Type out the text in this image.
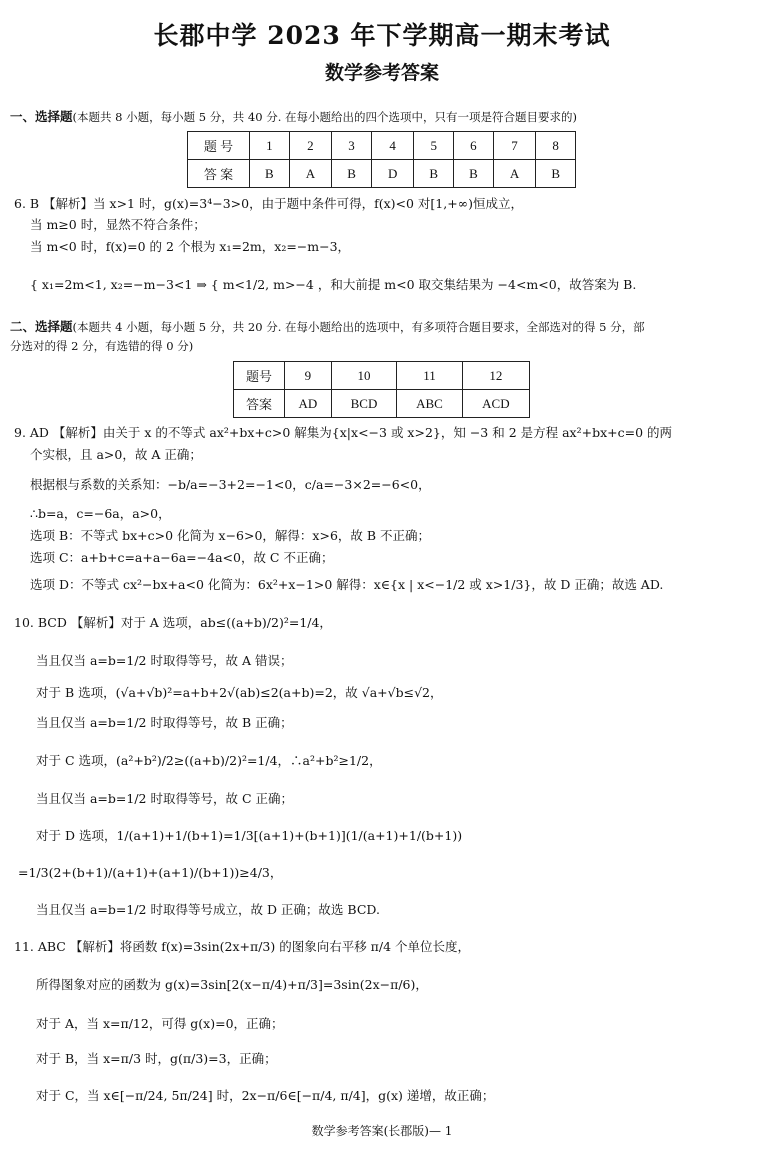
长郡中学 2023 年下学期高一期末考试
数学参考答案
一、选择题(本题共 8 小题，每小题 5 分，共 40 分. 在每小题给出的四个选项中，只有一项是符合题目要求的)
题 号	1	2	3	4	5	6	7	8
答 案	B	A	B	D	B	B	A	B
6. B 【解析】当 x>1 时，g(x)=3⁴−3>0，由于题中条件可得，f(x)<0 对[1,+∞)恒成立，
当 m≥0 时，显然不符合条件；
当 m<0 时，f(x)=0 的 2 个根为 x₁=2m，x₂=−m−3，
{ x₁=2m<1, x₂=−m−3<1 ⇒ { m<1/2, m>−4 ，和大前提 m<0 取交集结果为 −4<m<0，故答案为 B.
二、选择题(本题共 4 小题，每小题 5 分，共 20 分. 在每小题给出的选项中，有多项符合题目要求，全部选对的得 5 分，部
分选对的得 2 分，有选错的得 0 分)
题号	9	10	11	12
答案	AD	BCD	ABC	ACD
9. AD 【解析】由关于 x 的不等式 ax²+bx+c>0 解集为{x|x<−3 或 x>2}，知 −3 和 2 是方程 ax²+bx+c=0 的两
个实根，且 a>0，故 A 正确；
根据根与系数的关系知：−b/a=−3+2=−1<0，c/a=−3×2=−6<0，
∴b=a，c=−6a，a>0，
选项 B：不等式 bx+c>0 化简为 x−6>0，解得：x>6，故 B 不正确；
选项 C：a+b+c=a+a−6a=−4a<0，故 C 不正确；
选项 D：不等式 cx²−bx+a<0 化简为：6x²+x−1>0 解得：x∈{x | x<−1/2 或 x>1/3}，故 D 正确；故选 AD.
10. BCD 【解析】对于 A 选项，ab≤((a+b)/2)²=1/4，
当且仅当 a=b=1/2 时取得等号，故 A 错误；
对于 B 选项，(√a+√b)²=a+b+2√(ab)≤2(a+b)=2，故 √a+√b≤√2，
当且仅当 a=b=1/2 时取得等号，故 B 正确；
对于 C 选项，(a²+b²)/2≥((a+b)/2)²=1/4，∴a²+b²≥1/2，
当且仅当 a=b=1/2 时取得等号，故 C 正确；
对于 D 选项，1/(a+1)+1/(b+1)=1/3[(a+1)+(b+1)](1/(a+1)+1/(b+1))
=1/3(2+(b+1)/(a+1)+(a+1)/(b+1))≥4/3，
当且仅当 a=b=1/2 时取得等号成立，故 D 正确；故选 BCD.
11. ABC 【解析】将函数 f(x)=3sin(2x+π/3) 的图象向右平移 π/4 个单位长度，
所得图象对应的函数为 g(x)=3sin[2(x−π/4)+π/3]=3sin(2x−π/6)，
对于 A，当 x=π/12，可得 g(x)=0，正确；
对于 B，当 x=π/3 时，g(π/3)=3，正确；
对于 C，当 x∈[−π/24, 5π/24] 时，2x−π/6∈[−π/4, π/4]，g(x) 递增，故正确；
数学参考答案(长郡版)— 1
